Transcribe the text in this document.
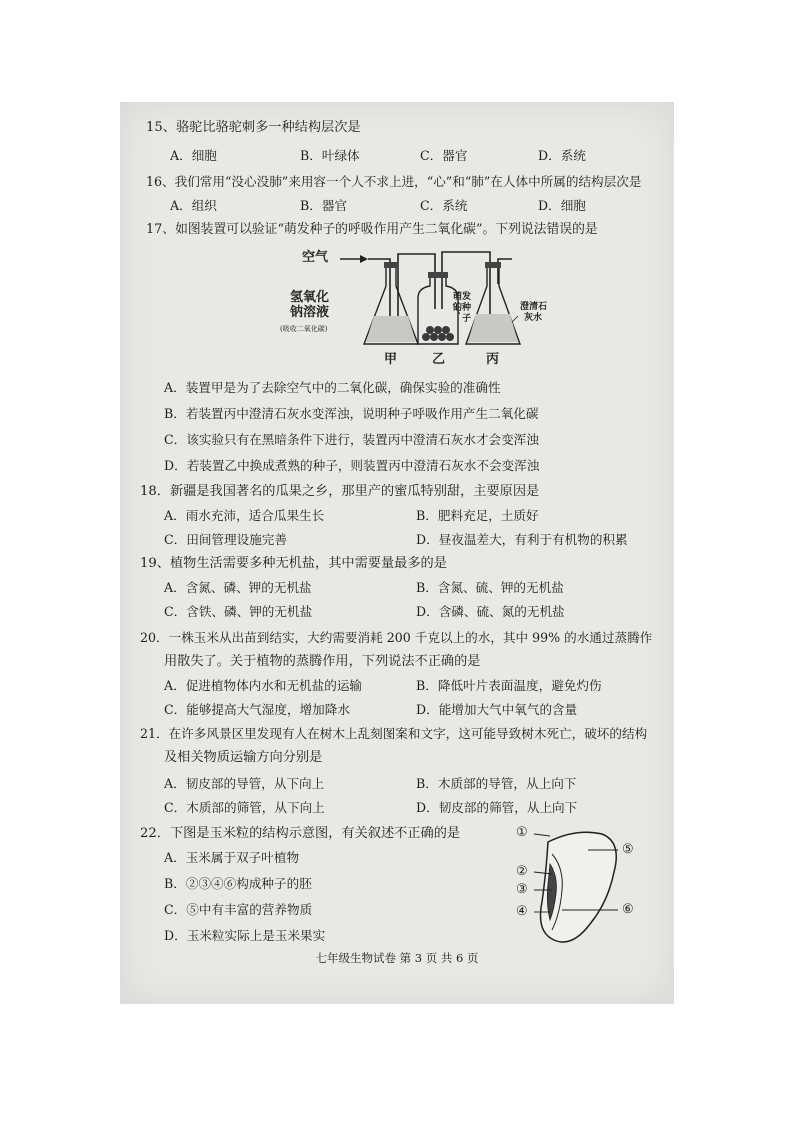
15、骆驼比骆驼刺多一种结构层次是
A．细胞	B．叶绿体	C．器官	D．系统
16、我们常用“没心没肺”来用容一个人不求上进，“心”和“肺”在人体中所属的结构层次是
A．组织	B．器官	C．系统	D．细胞
17、如图装置可以验证“萌发种子的呼吸作用产生二氧化碳”。下列说法错误的是
空气
氢氧化
钠溶液
(吸收二氧化碳)
萌发
的种
子
澄清石
灰水
甲	乙	丙
A．装置甲是为了去除空气中的二氧化碳，确保实验的准确性
B．若装置丙中澄清石灰水变浑浊，说明种子呼吸作用产生二氧化碳
C．该实验只有在黑暗条件下进行，装置丙中澄清石灰水才会变浑浊
D．若装置乙中换成煮熟的种子，则装置丙中澄清石灰水不会变浑浊
18．新疆是我国著名的瓜果之乡，那里产的蜜瓜特别甜，主要原因是
A．雨水充沛，适合瓜果生长	B．肥料充足，土质好
C．田间管理设施完善	D．昼夜温差大，有利于有机物的积累
19、植物生活需要多种无机盐，其中需要量最多的是
A．含氮、磷、钾的无机盐	B．含氮、硫、钾的无机盐
C．含铁、磷、钾的无机盐	D．含磷、硫、氮的无机盐
20．一株玉米从出苗到结实，大约需要消耗 200 千克以上的水，其中 99% 的水通过蒸腾作
用散失了。关于植物的蒸腾作用，下列说法不正确的是
A．促进植物体内水和无机盐的运输	B．降低叶片表面温度，避免灼伤
C．能够提高大气湿度，增加降水	D．能增加大气中氧气的含量
21．在许多风景区里发现有人在树木上乱刻图案和文字，这可能导致树木死亡，破坏的结构
及相关物质运输方向分别是
A．韧皮部的导管，从下向上	B．木质部的导管，从上向下
C．木质部的筛管，从下向上	D．韧皮部的筛管，从上向下
22．下图是玉米粒的结构示意图，有关叙述不正确的是
A．玉米属于双子叶植物
B．②③④⑥构成种子的胚
C．⑤中有丰富的营养物质
D．玉米粒实际上是玉米果实
①
②
③
④
⑤
⑥
七年级生物试卷 第 3 页 共 6 页
